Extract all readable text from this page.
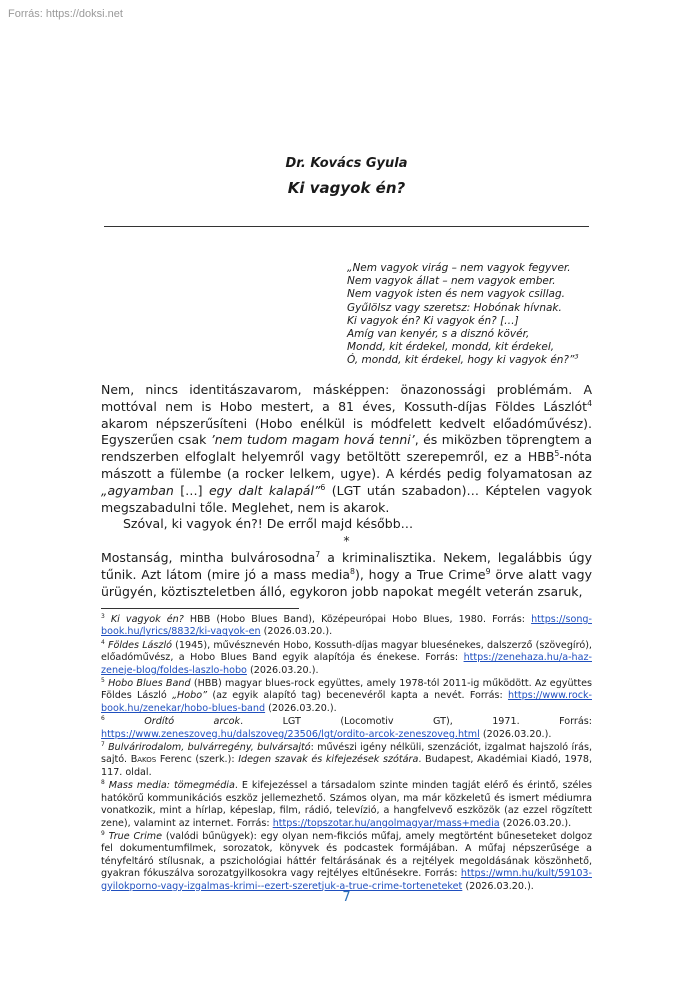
Forrás: https://doksi.net
Dr. Kovács Gyula
Ki vagyok én?
„Nem vagyok virág – nem vagyok fegyver.
Nem vagyok állat – nem vagyok ember.
Nem vagyok isten és nem vagyok csillag.
Gyűlölsz vagy szeretsz: Hobónak hívnak.
Ki vagyok én? Ki vagyok én? […]
Amíg van kenyér, s a disznó kövér,
Mondd, kit érdekel, mondd, kit érdekel,
Ó, mondd, kit érdekel, hogy ki vagyok én?”$^3$

Nem, nincs identitászavarom, másképpen: önazonossági problémám. A mottóval nem is Hobo mestert, a 81 éves, Kossuth-díjas Földes Lászlót$^4$ akarom népszerűsíteni (Hobo enélkül is módfelett kedvelt előadóművész). Egyszerűen csak ’nem tudom magam hová tenni’, és miközben töprengtem a rendszerben elfoglalt helyemről vagy betöltött szerepemről, ez a HBB$^5$-nóta mászott a fülembe (a rocker lelkem, ugye). A kérdés pedig folyamatosan az „agyamban […] egy dalt kalapál”$^6$ (LGT után szabadon)… Képtelen vagyok megszabadulni tőle. Meglehet, nem is akarok.

Szóval, ki vagyok én?! De erről majd később…

*

Mostanság, mintha bulvárosodna$^7$ a kriminalisztika. Nekem, legalábbis úgy tűnik. Azt látom (mire jó a mass media$^8$), hogy a True Crime$^9$ örve alatt vagy ürügyén, köztiszteletben álló, egykoron jobb napokat megélt veterán zsaruk,

$^3$ Ki vagyok én? HBB (Hobo Blues Band), Középeurópai Hobo Blues, 1980. Forrás: https://song-book.hu/lyrics/8832/ki-vagyok-en (2026.03.20.).

$^4$ Földes László (1945), művésznevén Hobo, Kossuth-díjas magyar bluesénekes, dalszerző (szövegíró), előadóművész, a Hobo Blues Band egyik alapítója és énekese. Forrás: https://zenehaza.hu/a-haz-zeneje-blog/foldes-laszlo-hobo (2026.03.20.).

$^5$ Hobo Blues Band (HBB) magyar blues-rock együttes, amely 1978-tól 2011-ig működött. Az együttes Földes László „Hobo” (az egyik alapító tag) becenevéről kapta a nevét. Forrás: https://www.rock-book.hu/zenekar/hobo-blues-band (2026.03.20.).

$^6$	Ordító arcok. LGT (Locomotiv GT), 1971. Forrás: https://www.zeneszoveg.hu/dalszoveg/23506/lgt/ordito-arcok-zeneszoveg.html (2026.03.20.).

$^7$ Bulvárirodalom, bulvárregény, bulvársajtó: művészi igény nélküli, szenzációt, izgalmat hajszoló írás, sajtó. Bakos Ferenc (szerk.): Idegen szavak és kifejezések szótára. Budapest, Akadémiai Kiadó, 1978, 117. oldal.

$^8$ Mass media: tömegmédia. E kifejezéssel a társadalom szinte minden tagját elérő és érintő, széles hatókörű kommunikációs eszköz jellemezhető. Számos olyan, ma már közkeletű és ismert médiumra vonatkozik, mint a hírlap, képeslap, film, rádió, televízió, a hangfelvevő eszközök (az ezzel rögzített zene), valamint az internet. Forrás: https://topszotar.hu/angolmagyar/mass+media (2026.03.20.).

$^9$ True Crime (valódi bűnügyek): egy olyan nem-fikciós műfaj, amely megtörtént bűneseteket dolgoz fel dokumentumfilmek, sorozatok, könyvek és podcastek formájában. A műfaj népszerűsége a tényfeltáró stílusnak, a pszichológiai háttér feltárásának és a rejtélyek megoldásának köszönhető, gyakran fókuszálva sorozatgyilkosokra vagy rejtélyes eltűnésekre. Forrás: https://wmn.hu/kult/59103-gyilokporno-vagy-izgalmas-krimi--ezert-szeretjuk-a-true-crime-torteneteket (2026.03.20.).

7
